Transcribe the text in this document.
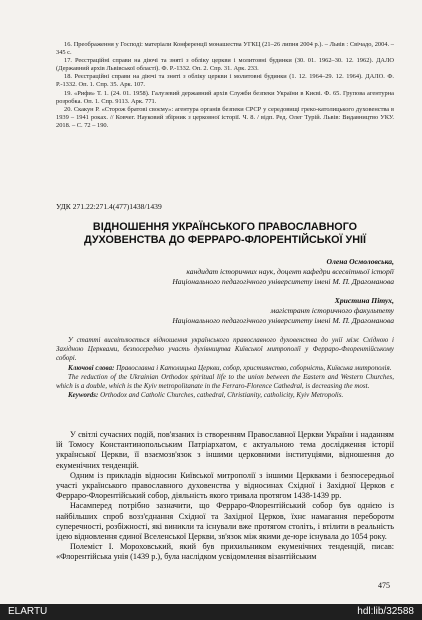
16. Преображення у Господі: матеріали Конференції монашества УГКЦ (21–26 липня 2004 р.). – Львів : Свічадо, 2004. – 345 с.

17. Реєстраційні справи на діючі та зняті з обліку церкви і молитовні будинки (30. 01. 1962–30. 12. 1962). ДАЛО (Державний архів Львівської області). Ф. Р.-1332. Оп. 2. Спр. 31. Арк. 233.

18. Реєстраційні справи на діючі та зняті з обліку церкви і молитовні будинки (1. 12. 1964–29. 12. 1964). ДАЛО. Ф. Р.-1332. Оп. 1. Спр. 35. Арк. 107.

19. «Рифи» Т. 1. (24. 01. 1958). Галузевий державний архів Служби безпеки України в Києві. Ф. 65. Групова агентурна розробка. Оп. 1. Спр. 9113. Арк. 771.

20. Скакун Р. «Сторож братові своєму»: агентура органів безпеки СРСР у середовищі греко-католицького духовенства в 1939 – 1941 роках. // Ковчег. Науковий збірник з церковної історії. Ч. 8. / відп. Ред. Олег Турій. Львів: Видавництво УКУ. 2018. – С. 72 – 190.

УДК 271.22:271.4(477)1438/1439
ВІДНОШЕННЯ УКРАЇНСЬКОГО ПРАВОСЛАВНОГО ДУХОВЕНСТВА ДО ФЕРРАРО-ФЛОРЕНТІЙСЬКОЇ УНІЇ
Олена Осмоловська,
кандидат історичних наук, доцент кафедри всесвітньої історії
Національного педагогічного університету імені М. П. Драгоманова
Христина Пітух,
магістрант історичного факультету
Національного педагогічного університету імені М. П. Драгоманова

У статті висвітлюється відношення українського православного духовенства до унії між Східною і Західною Церквами, безпосередню участь духівництва Київської митрополії у Ферраро-Флорентійському соборі.

Ключові слова: Православна і Католицька Церкви, собор, християнство, соборність, Київська митрополія.

The reduction of the Ukrainian Orthodox spiritual life to the union between the Eastern and Western Churches, which is a double, which is the Kyiv metropolitanate in the Ferraro-Florence Cathedral, is decreasing the most.

Keywords: Orthodox and Catholic Churches, cathedral, Christianity, catholicity, Kyiv Metropolis.

У світлі сучасних подій, пов'язаних із створенням Православної Церкви України і наданням їй Томосу Константинопольським Патріархатом, є актуальною тема дослідження історії української Церкви, її взаємозв'язок з іншими церковними інституціями, відношення до екуменічних тенденцій.

Одним із прикладів відносин Київської митрополії з іншими Церквами і безпосередньої участі українського православного духовенства у відносинах Східної і Західної Церков є Ферраро-Флорентійський собор, діяльність якого тривала протягом 1438-1439 рр.

Насамперед потрібно зазначити, що Ферраро-Флорентійський собор був однією із найбільших спроб возз'єднання Східної та Західної Церков, їхнє намагання переборотм суперечності, розбіжності, які виникли та існували вже протягом століть, і втілити в реальність ідею відновлення єдиної Вселенської Церкви, зв'язок між якими де-юре існувала до 1054 року.

Полеміст І. Мороховський, який був прихильником екуменічних тенденцій, писав: «Флорентійська унія (1439 р.), була наслідком усвідомлення візантійським

475
ELARTU	hdl:lib/32588
